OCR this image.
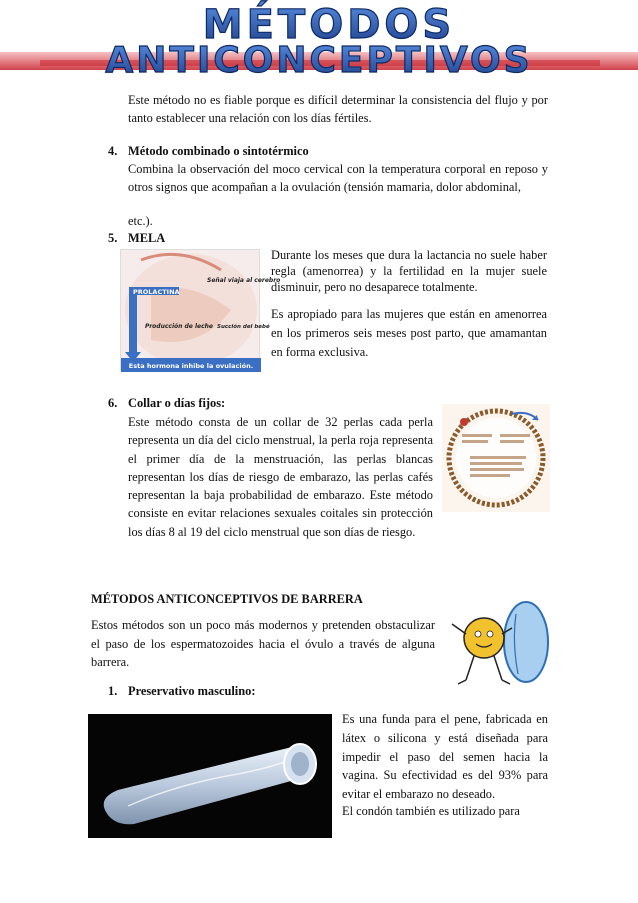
MÉTODOS
ANTICONCEPTIVOS

Este método no es fiable porque es difícil determinar la consistencia del flujo y por tanto establecer una relación con los días fértiles.

4. Método combinado o sintotérmico

Combina la observación del moco cervical con la temperatura corporal en reposo y otros signos que acompañan a la ovulación (tensión mamaria, dolor abdominal,

etc.).
5. MELA
PROLACTINA
Señal viaja al cerebro
Producción de leche Succión del bebé
Esta hormona inhibe la ovulación.

Durante los meses que dura la lactancia no suele haber regla (amenorrea) y la fertilidad en la mujer suele disminuir, pero no desaparece totalmente.

Es apropiado para las mujeres que están en amenorrea en los primeros seis meses post parto, que amamantan en forma exclusiva.

6. Collar o días fijos:

Este método consta de un collar de 32 perlas cada perla representa un día del ciclo menstrual, la perla roja representa el primer día de la menstruación, las perlas blancas representan los días de riesgo de embarazo, las perlas cafés representan la baja probabilidad de embarazo. Este método consiste en evitar relaciones sexuales coitales sin protección los días 8 al 19 del ciclo menstrual que son días de riesgo.

MÉTODOS ANTICONCEPTIVOS DE BARRERA

Estos métodos son un poco más modernos y pretenden obstaculizar el paso de los espermatozoides hacia el óvulo a través de alguna barrera.

1. Preservativo masculino:

Es una funda para el pene, fabricada en látex o silicona y está diseñada para impedir el paso del semen hacia la vagina. Su efectividad es del 93% para evitar el embarazo no deseado.

El condón también es utilizado para
